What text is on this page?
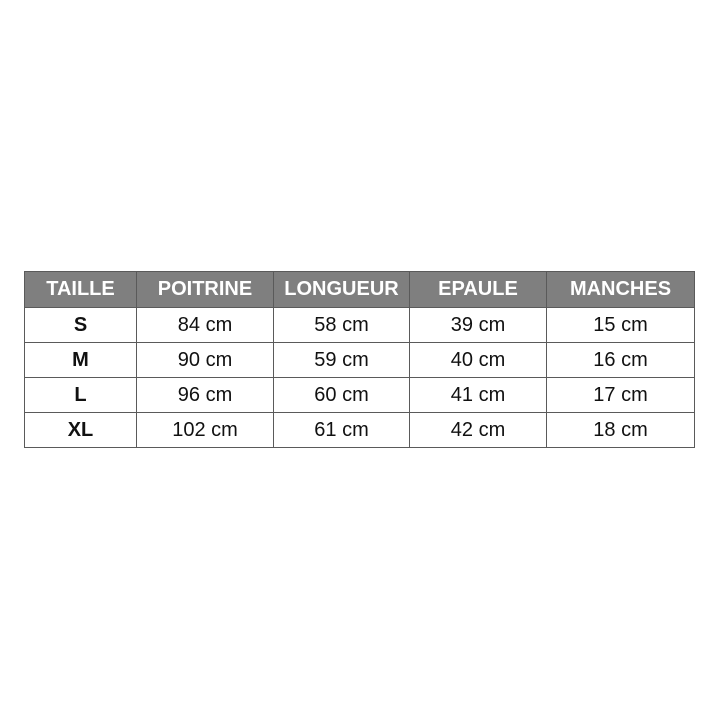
TAILLE	POITRINE	LONGUEUR	EPAULE	MANCHES
S	84 cm	58 cm	39 cm	15 cm
M	90 cm	59 cm	40 cm	16 cm
L	96 cm	60 cm	41 cm	17 cm
XL	102 cm	61 cm	42 cm	18 cm
